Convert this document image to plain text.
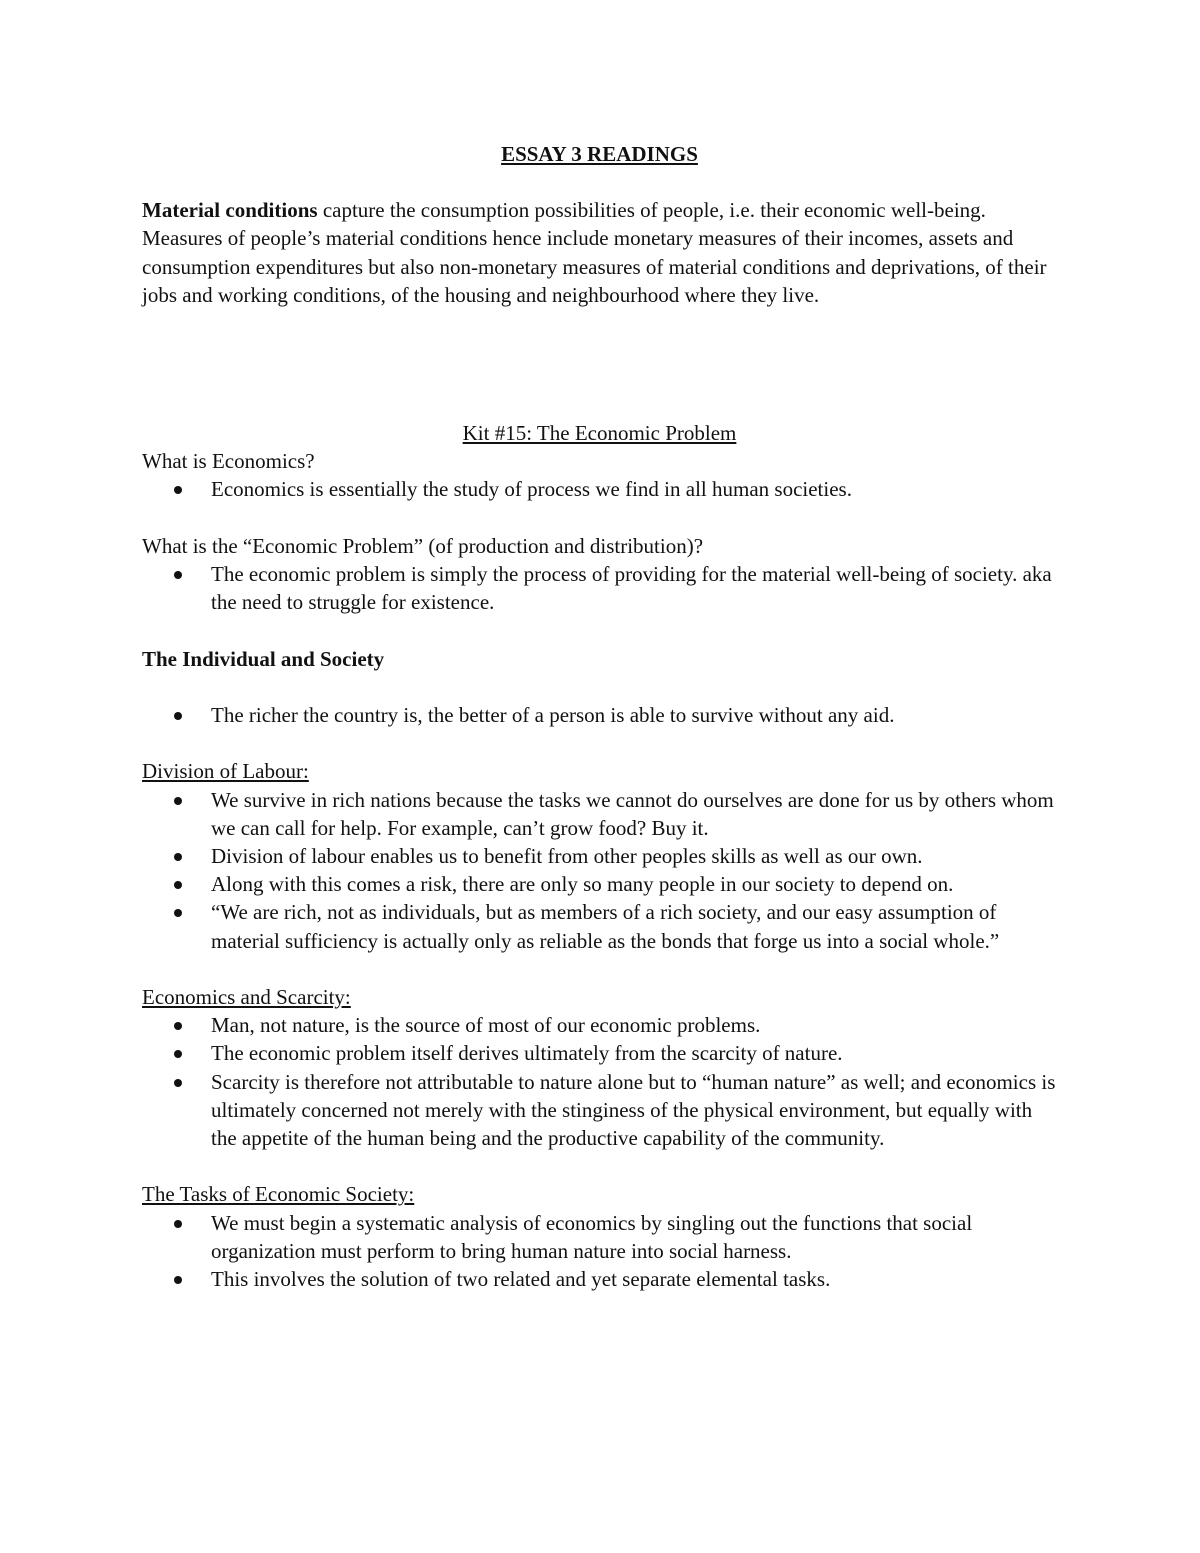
ESSAY 3 READINGS

Material conditions capture the consumption possibilities of people, i.e. their economic well-being. Measures of people’s material conditions hence include monetary measures of their incomes, assets and consumption expenditures but also non-monetary measures of material conditions and deprivations, of their jobs and working conditions, of the housing and neighbourhood where they live.

Kit #15: The Economic Problem

What is Economics?

Economics is essentially the study of process we find in all human societies.

What is the “Economic Problem” (of production and distribution)?

The economic problem is simply the process of providing for the material well-being of society. aka the need to struggle for existence.

The Individual and Society

The richer the country is, the better of a person is able to survive without any aid.

Division of Labour:

We survive in rich nations because the tasks we cannot do ourselves are done for us by others whom we can call for help. For example, can’t grow food? Buy it.
Division of labour enables us to benefit from other peoples skills as well as our own.
Along with this comes a risk, there are only so many people in our society to depend on.
“We are rich, not as individuals, but as members of a rich society, and our easy assumption of material sufficiency is actually only as reliable as the bonds that forge us into a social whole.”

Economics and Scarcity:

Man, not nature, is the source of most of our economic problems.
The economic problem itself derives ultimately from the scarcity of nature.
Scarcity is therefore not attributable to nature alone but to “human nature” as well; and economics is ultimately concerned not merely with the stinginess of the physical environment, but equally with the appetite of the human being and the productive capability of the community.

The Tasks of Economic Society:

We must begin a systematic analysis of economics by singling out the functions that social organization must perform to bring human nature into social harness.
This involves the solution of two related and yet separate elemental tasks.
